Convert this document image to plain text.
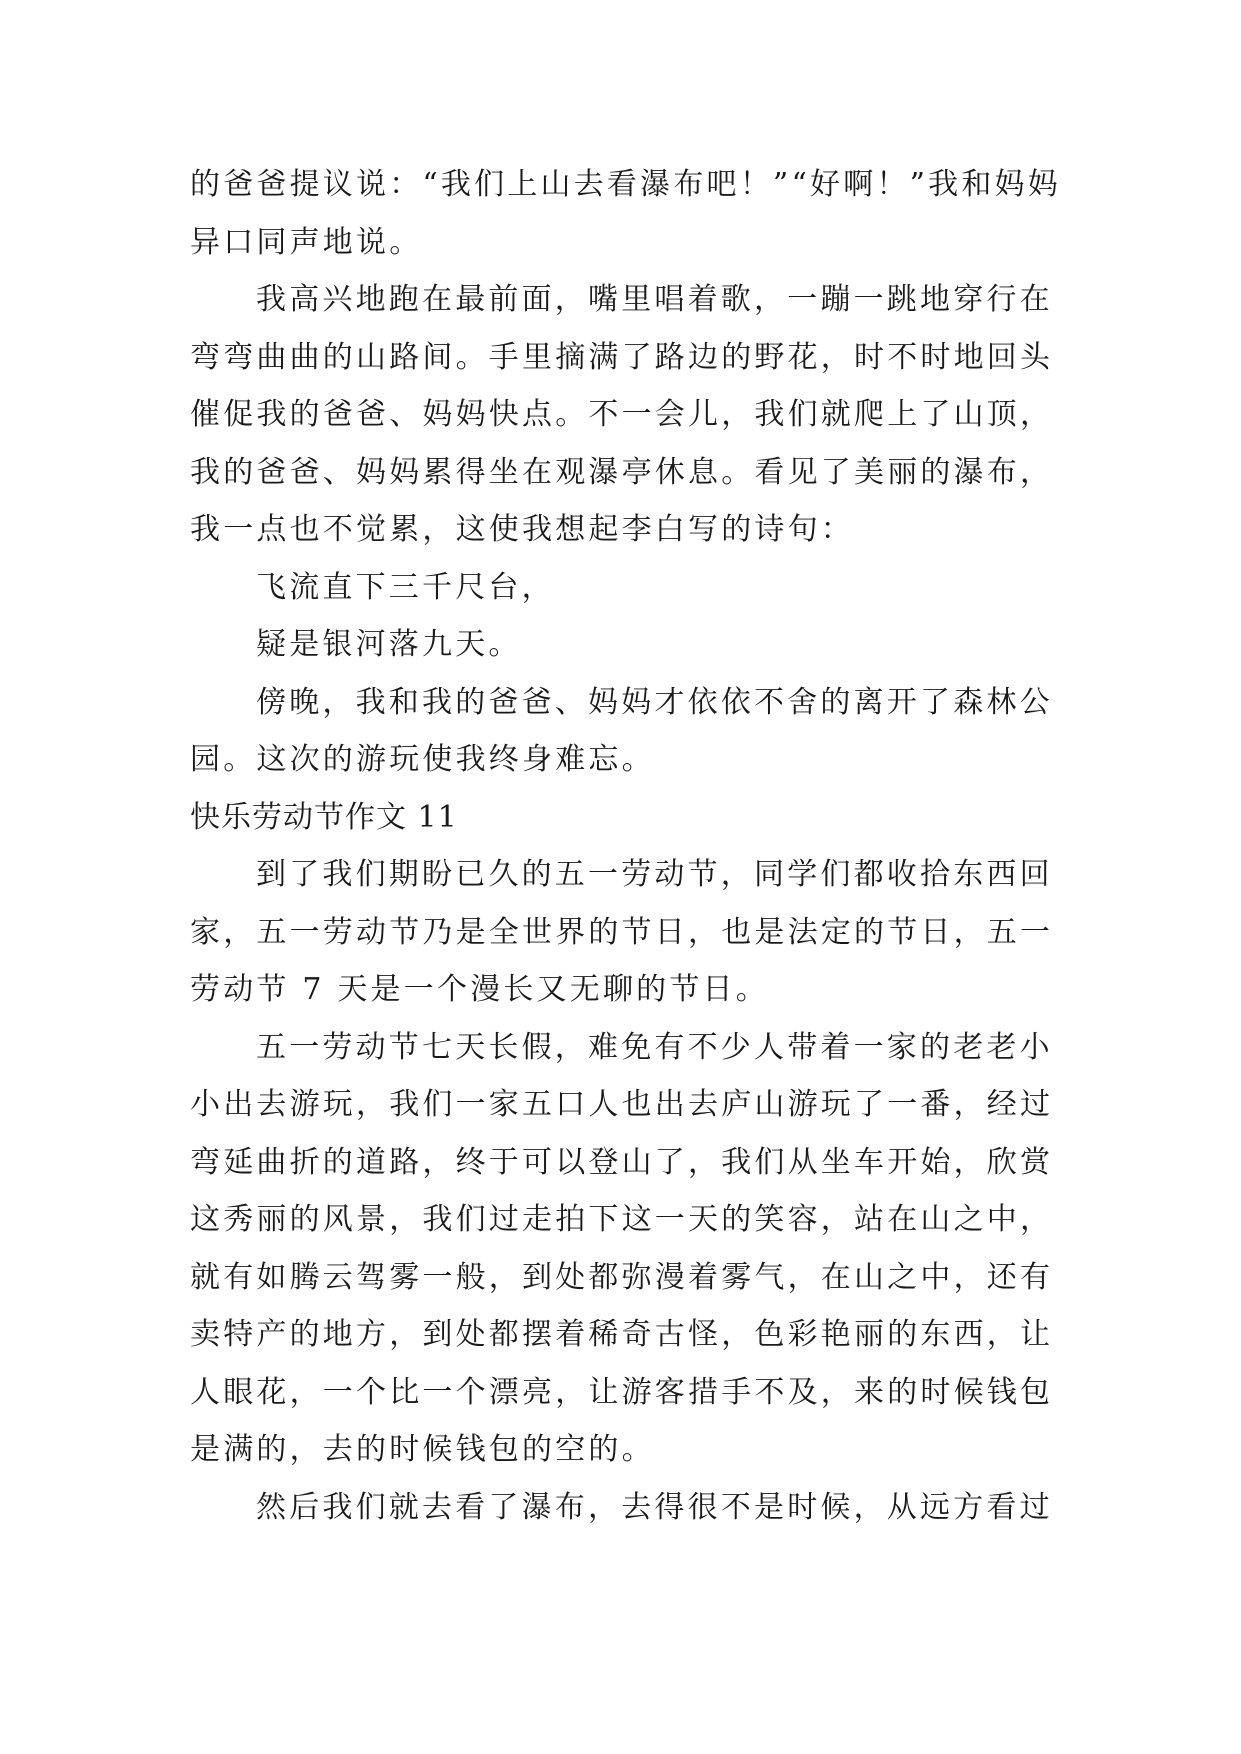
的爸爸提议说：“我们上山去看瀑布吧！”“好啊！”我和妈妈
异口同声地说。
我高兴地跑在最前面，嘴里唱着歌，一蹦一跳地穿行在
弯弯曲曲的山路间。手里摘满了路边的野花，时不时地回头
催促我的爸爸、妈妈快点。不一会儿，我们就爬上了山顶，
我的爸爸、妈妈累得坐在观瀑亭休息。看见了美丽的瀑布，
我一点也不觉累，这使我想起李白写的诗句：
飞流直下三千尺台，
疑是银河落九天。
傍晚，我和我的爸爸、妈妈才依依不舍的离开了森林公
园。这次的游玩使我终身难忘。
快乐劳动节作文 11
到了我们期盼已久的五一劳动节，同学们都收拾东西回
家，五一劳动节乃是全世界的节日，也是法定的节日，五一
劳动节 7 天是一个漫长又无聊的节日。
五一劳动节七天长假，难免有不少人带着一家的老老小
小出去游玩，我们一家五口人也出去庐山游玩了一番，经过
弯延曲折的道路，终于可以登山了，我们从坐车开始，欣赏
这秀丽的风景，我们过走拍下这一天的笑容，站在山之中，
就有如腾云驾雾一般，到处都弥漫着雾气，在山之中，还有
卖特产的地方，到处都摆着稀奇古怪，色彩艳丽的东西，让
人眼花，一个比一个漂亮，让游客措手不及，来的时候钱包
是满的，去的时候钱包的空的。
然后我们就去看了瀑布，去得很不是时候，从远方看过
